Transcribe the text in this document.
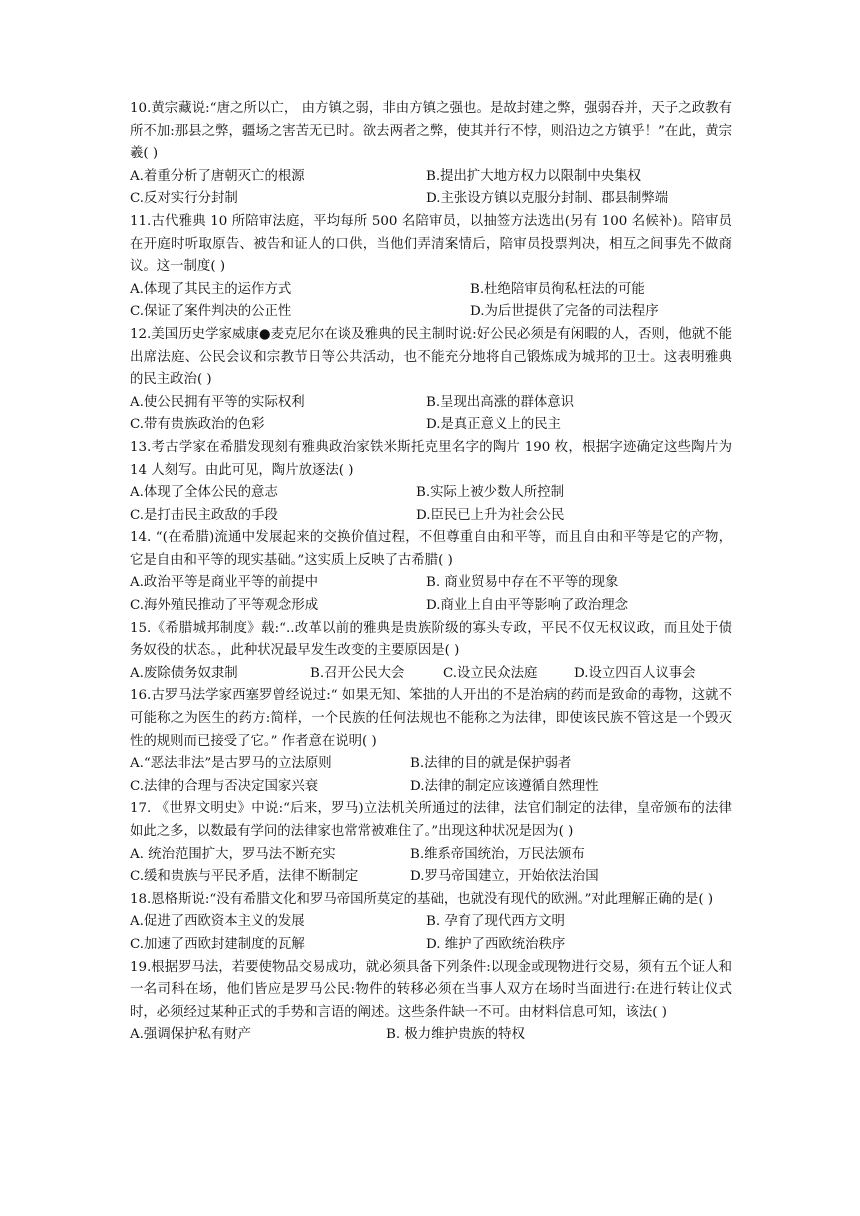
10.黄宗藏说:“唐之所以亡， 由方镇之弱，非由方镇之强也。是故封建之弊，强弱吞并，天子之政教有所不加:那县之弊，疆场之害苦无已时。欲去两者之弊，使其并行不悖，则沿边之方镇乎！”在此，黄宗羲( )

A.着重分析了唐朝灭亡的根源	B.提出扩大地方权力以限制中央集权
C.反对实行分封制	D.主张设方镇以克服分封制、郡县制弊端

11.古代雅典 10 所陪审法庭，平均每所 500 名陪审员，以抽签方法选出(另有 100 名候补)。陪审员在开庭时听取原告、被告和证人的口供，当他们弄清案情后，陪审员投票判决，相互之间事先不做商议。这一制度( )

A.体现了其民主的运作方式	B.杜绝陪审员徇私枉法的可能
C.保证了案件判决的公正性	D.为后世提供了完备的司法程序

12.美国历史学家威康●麦克尼尔在谈及雅典的民主制时说:好公民必须是有闲暇的人，否则，他就不能出席法庭、公民会议和宗教节日等公共活动，也不能充分地将自己锻炼成为城邦的卫士。这表明雅典的民主政治( )

A.使公民拥有平等的实际权利	B.呈现出高涨的群体意识
C.带有贵族政治的色彩	D.是真正意义上的民主

13.考古学家在希腊发现刻有雅典政治家铁米斯托克里名字的陶片 190 枚，根据字迹确定这些陶片为 14 人刻写。由此可见，陶片放逐法( )

A.体现了全体公民的意志	B.实际上被少数人所控制
C.是打击民主政敌的手段	D.臣民已上升为社会公民

14. “(在希腊)流通中发展起来的交换价值过程，不但尊重自由和平等，而且自由和平等是它的产物，它是自由和平等的现实基础。”这实质上反映了古希腊( )

A.政治平等是商业平等的前提中	B. 商业贸易中存在不平等的现象
C.海外殖民推动了平等观念形成	D.商业上自由平等影响了政治理念

15.《希腊城邦制度》载:“..改革以前的雅典是贵族阶级的寡头专政，平民不仅无权议政，而且处于债务奴役的状态。，此种状况最早发生改变的主要原因是( )

A.废除债务奴隶制	B.召开公民大会	C.设立民众法庭	D.设立四百人议事会

16.古罗马法学家西塞罗曾经说过:“ 如果无知、笨拙的人开出的不是治病的药而是致命的毒物，这就不可能称之为医生的药方:简样，一个民族的任何法规也不能称之为法律，即使该民族不管这是一个毁灭性的规则而已接受了它。” 作者意在说明( )

A.“恶法非法”是古罗马的立法原则	B.法律的目的就是保护弱者
C.法律的合理与否决定国家兴衰	D.法律的制定应该遵循自然理性

17. 《世界文明史》中说:“后来，罗马)立法机关所通过的法律，法官们制定的法律，皇帝颁布的法律如此之多，以数最有学问的法律家也常常被难住了。”出现这种状况是因为( )

A. 统治范围扩大，罗马法不断充实	B.维系帝国统治，万民法颁布
C.缓和贵族与平民矛盾，法律不断制定	D.罗马帝国建立，开始依法治国

18.恩格斯说:“没有希腊文化和罗马帝国所莫定的基础，也就没有现代的欧洲。”对此理解正确的是( )

A.促进了西欧资本主义的发展	B. 孕育了现代西方文明
C.加速了西欧封建制度的瓦解	D. 维护了西欧统治秩序

19.根据罗马法，若要使物品交易成功，就必须具备下列条件:以现金或现物进行交易，须有五个证人和一名司科在场，他们皆应是罗马公民:物件的转移必须在当事人双方在场时当面进行:在进行转让仪式时，必须经过某种正式的手势和言语的阐述。这些条件缺一不可。由材料信息可知，该法( )

A.强调保护私有财产	B. 极力维护贵族的特权
